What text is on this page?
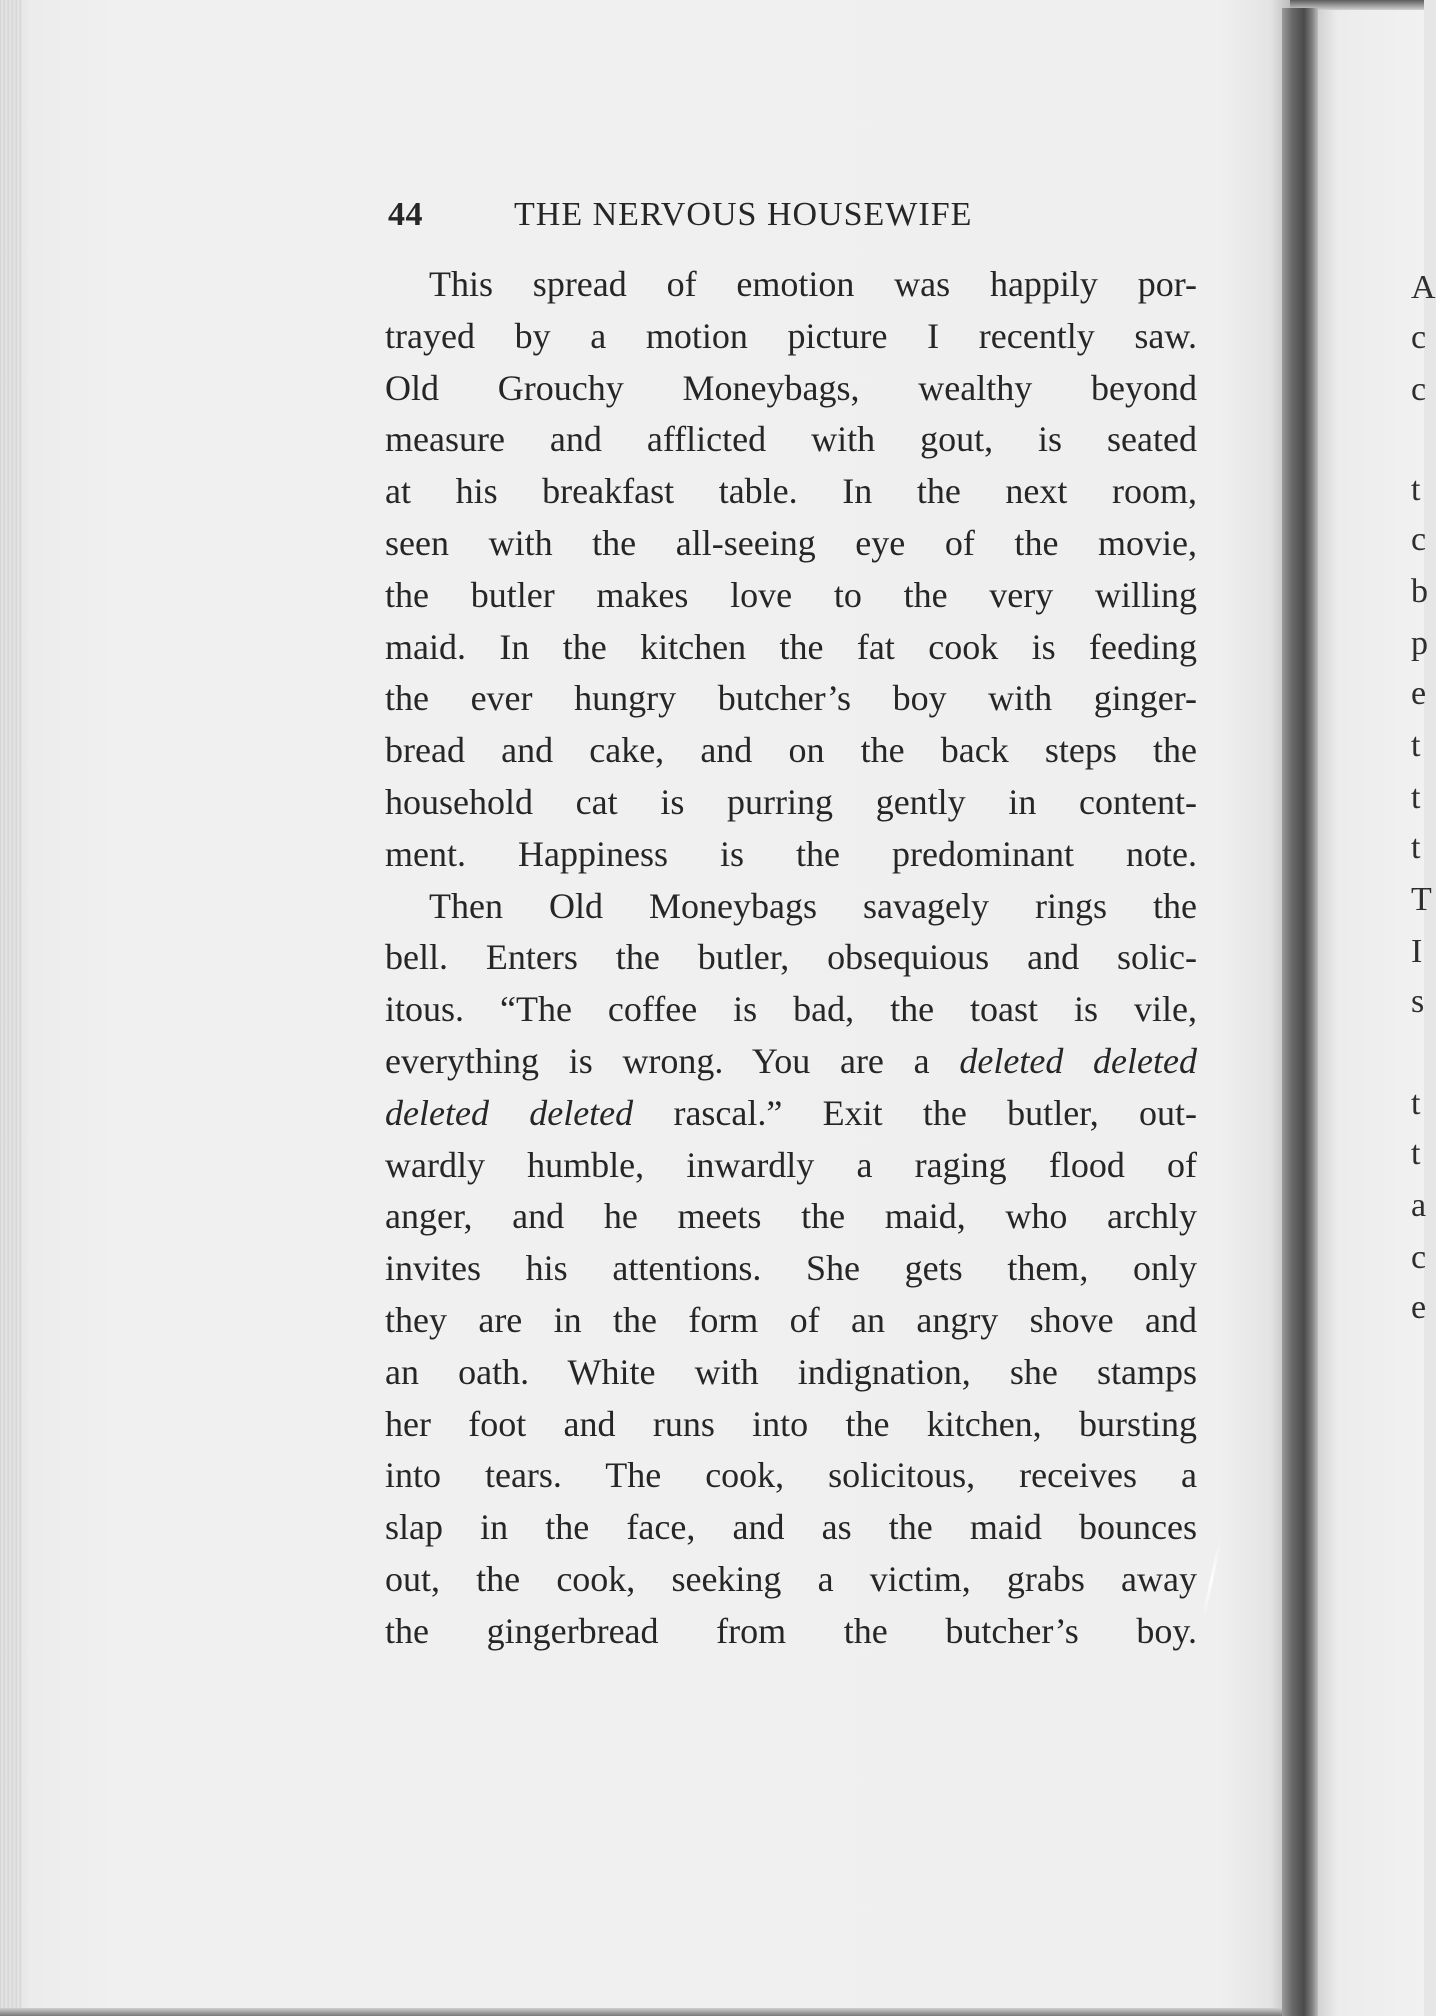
A
c
c
t
c
b
p
e
t
t
t
T
I
s
t
t
a
c
e
44	THE NERVOUS HOUSEWIFE
This spread of emotion was happily por-
trayed by a motion picture I recently saw.
Old Grouchy Moneybags, wealthy beyond
measure and afflicted with gout, is seated
at his breakfast table. In the next room,
seen with the all-seeing eye of the movie,
the butler makes love to the very willing
maid. In the kitchen the fat cook is feeding
the ever hungry butcher’s boy with ginger-
bread and cake, and on the back steps the
household cat is purring gently in content-
ment. Happiness is the predominant note.
Then Old Moneybags savagely rings the
bell. Enters the butler, obsequious and solic-
itous. “The coffee is bad, the toast is vile,
everything is wrong. You are a deleted deleted
deleted deleted rascal.” Exit the butler, out-
wardly humble, inwardly a raging flood of
anger, and he meets the maid, who archly
invites his attentions. She gets them, only
they are in the form of an angry shove and
an oath. White with indignation, she stamps
her foot and runs into the kitchen, bursting
into tears. The cook, solicitous, receives a
slap in the face, and as the maid bounces
out, the cook, seeking a victim, grabs away
the gingerbread from the butcher’s boy.
